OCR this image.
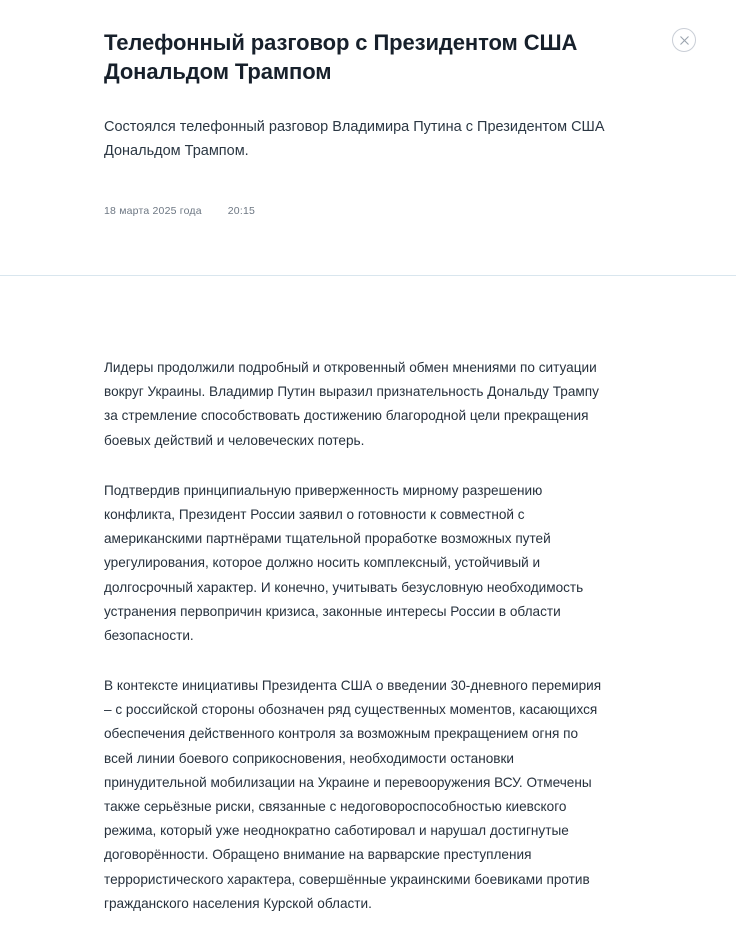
Телефонный разговор с Президентом США Дональдом Трампом

Состоялся телефонный разговор Владимира Путина с Президентом США Дональдом Трампом.

18 марта 2025 года 20:15

Лидеры продолжили подробный и откровенный обмен мнениями по ситуации вокруг Украины. Владимир Путин выразил признательность Дональду Трампу за стремление способствовать достижению благородной цели прекращения боевых действий и человеческих потерь.

Подтвердив принципиальную приверженность мирному разрешению конфликта, Президент России заявил о готовности к совместной с американскими партнёрами тщательной проработке возможных путей урегулирования, которое должно носить комплексный, устойчивый и долгосрочный характер. И конечно, учитывать безусловную необходимость устранения первопричин кризиса, законные интересы России в области безопасности.

В контексте инициативы Президента США о введении 30-дневного перемирия – с российской стороны обозначен ряд существенных моментов, касающихся обеспечения действенного контроля за возможным прекращением огня по всей линии боевого соприкосновения, необходимости остановки принудительной мобилизации на Украине и перевооружения ВСУ. Отмечены также серьёзные риски, связанные с недоговороспособностью киевского режима, который уже неоднократно саботировал и нарушал достигнутые договорённости. Обращено внимание на варварские преступления террористического характера, совершённые украинскими боевиками против гражданского населения Курской области.
